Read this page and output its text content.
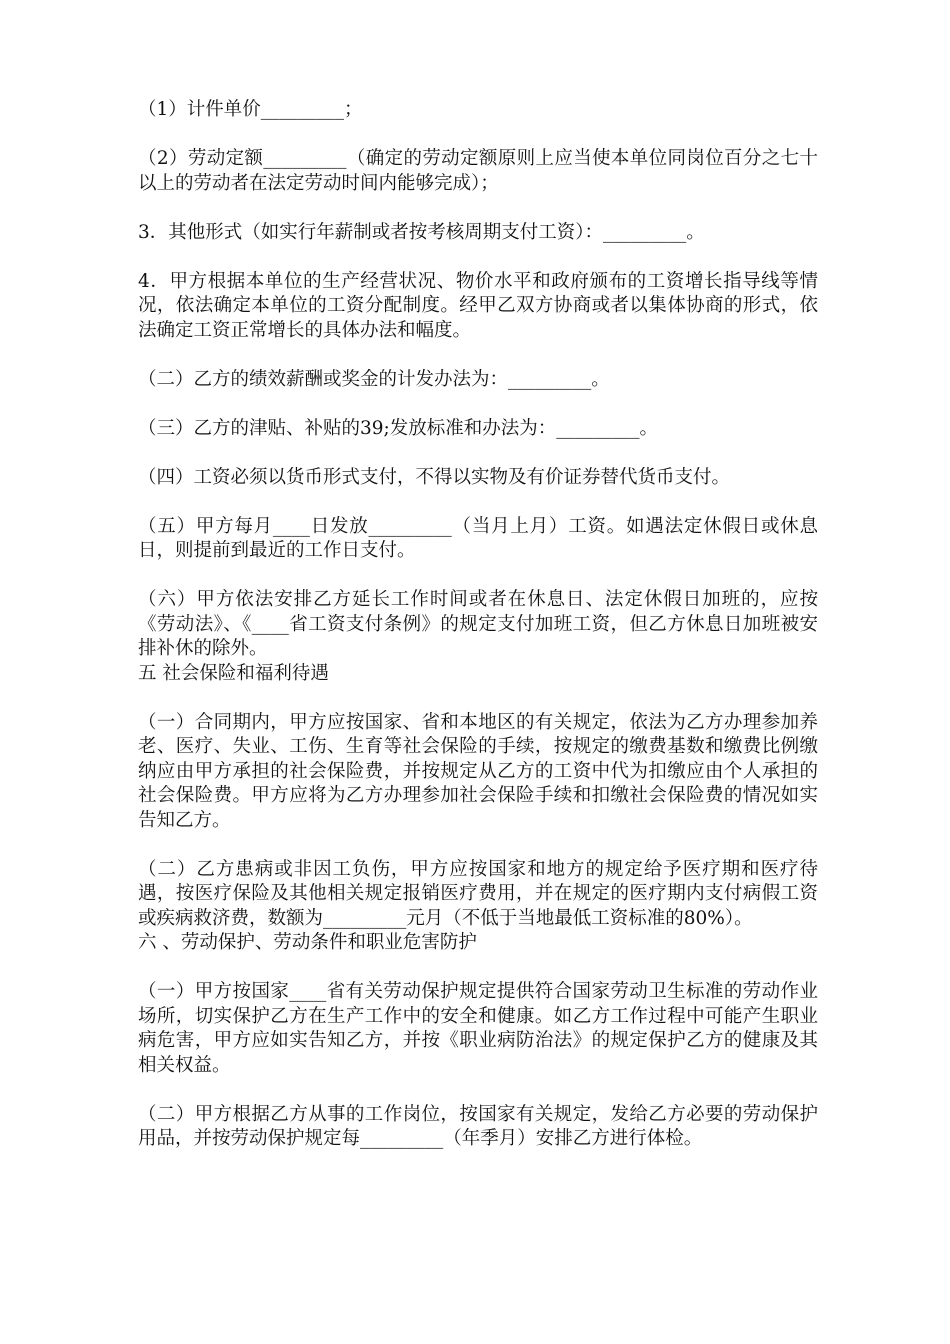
（1）计件单价_________；

（2）劳动定额_________（确定的劳动定额原则上应当使本单位同岗位百分之七十以上的劳动者在法定劳动时间内能够完成）；

3．其他形式（如实行年薪制或者按考核周期支付工资）：_________。

4．甲方根据本单位的生产经营状况、物价水平和政府颁布的工资增长指导线等情况，依法确定本单位的工资分配制度。经甲乙双方协商或者以集体协商的形式，依法确定工资正常增长的具体办法和幅度。

（二）乙方的绩效薪酬或奖金的计发办法为：_________。

（三）乙方的津贴、补贴的39;发放标准和办法为：_________。

（四）工资必须以货币形式支付，不得以实物及有价证券替代货币支付。

（五）甲方每月____日发放_________（当月上月）工资。如遇法定休假日或休息日，则提前到最近的工作日支付。

（六）甲方依法安排乙方延长工作时间或者在休息日、法定休假日加班的，应按《劳动法》、《____省工资支付条例》的规定支付加班工资，但乙方休息日加班被安排补休的除外。

五 社会保险和福利待遇

（一）合同期内，甲方应按国家、省和本地区的有关规定，依法为乙方办理参加养老、医疗、失业、工伤、生育等社会保险的手续，按规定的缴费基数和缴费比例缴纳应由甲方承担的社会保险费，并按规定从乙方的工资中代为扣缴应由个人承担的社会保险费。甲方应将为乙方办理参加社会保险手续和扣缴社会保险费的情况如实告知乙方。

（二）乙方患病或非因工负伤，甲方应按国家和地方的规定给予医疗期和医疗待遇，按医疗保险及其他相关规定报销医疗费用，并在规定的医疗期内支付病假工资或疾病救济费，数额为_________元月（不低于当地最低工资标准的80%）。

六 、劳动保护、劳动条件和职业危害防护

（一）甲方按国家____省有关劳动保护规定提供符合国家劳动卫生标准的劳动作业场所，切实保护乙方在生产工作中的安全和健康。如乙方工作过程中可能产生职业病危害，甲方应如实告知乙方，并按《职业病防治法》的规定保护乙方的健康及其相关权益。

（二）甲方根据乙方从事的工作岗位，按国家有关规定，发给乙方必要的劳动保护用品，并按劳动保护规定每_________（年季月）安排乙方进行体检。
